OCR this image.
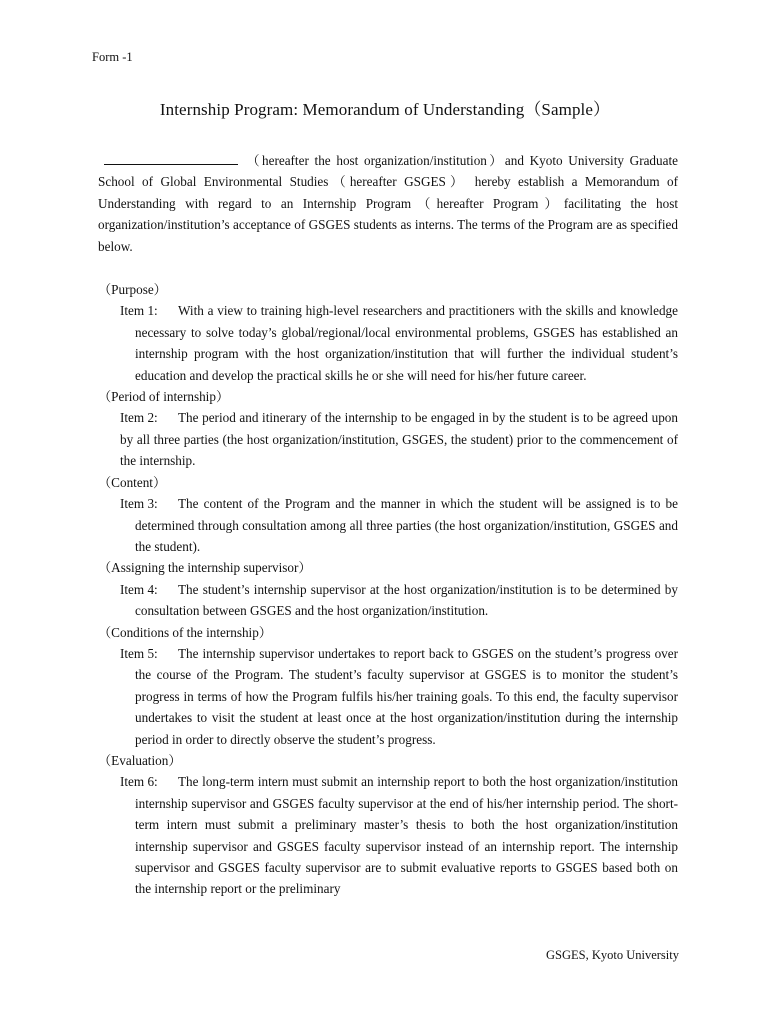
Form -1
Internship Program: Memorandum of Understanding（Sample）

（hereafter the host organization/institution）and Kyoto University Graduate School of Global Environmental Studies（hereafter GSGES） hereby establish a Memorandum of Understanding with regard to an Internship Program（hereafter Program）facilitating the host organization/institution’s acceptance of GSGES students as interns. The terms of the Program are as specified below.

（Purpose）

Item 1: With a view to training high-level researchers and practitioners with the skills and knowledge necessary to solve today’s global/regional/local environmental problems, GSGES has established an internship program with the host organization/institution that will further the individual student’s education and develop the practical skills he or she will need for his/her future career.

（Period of internship）

Item 2: The period and itinerary of the internship to be engaged in by the student is to be agreed upon by all three parties (the host organization/institution, GSGES, the student) prior to the commencement of the internship.

（Content）

Item 3: The content of the Program and the manner in which the student will be assigned is to be determined through consultation among all three parties (the host organization/institution, GSGES and the student).

（Assigning the internship supervisor）

Item 4: The student’s internship supervisor at the host organization/institution is to be determined by consultation between GSGES and the host organization/institution.

（Conditions of the internship）

Item 5: The internship supervisor undertakes to report back to GSGES on the student’s progress over the course of the Program. The student’s faculty supervisor at GSGES is to monitor the student’s progress in terms of how the Program fulfils his/her training goals. To this end, the faculty supervisor undertakes to visit the student at least once at the host organization/institution during the internship period in order to directly observe the student’s progress.

（Evaluation）

Item 6: The long-term intern must submit an internship report to both the host organization/institution internship supervisor and GSGES faculty supervisor at the end of his/her internship period. The short-term intern must submit a preliminary master’s thesis to both the host organization/institution internship supervisor and GSGES faculty supervisor instead of an internship report. The internship supervisor and GSGES faculty supervisor are to submit evaluative reports to GSGES based both on the internship report or the preliminary

GSGES, Kyoto University
